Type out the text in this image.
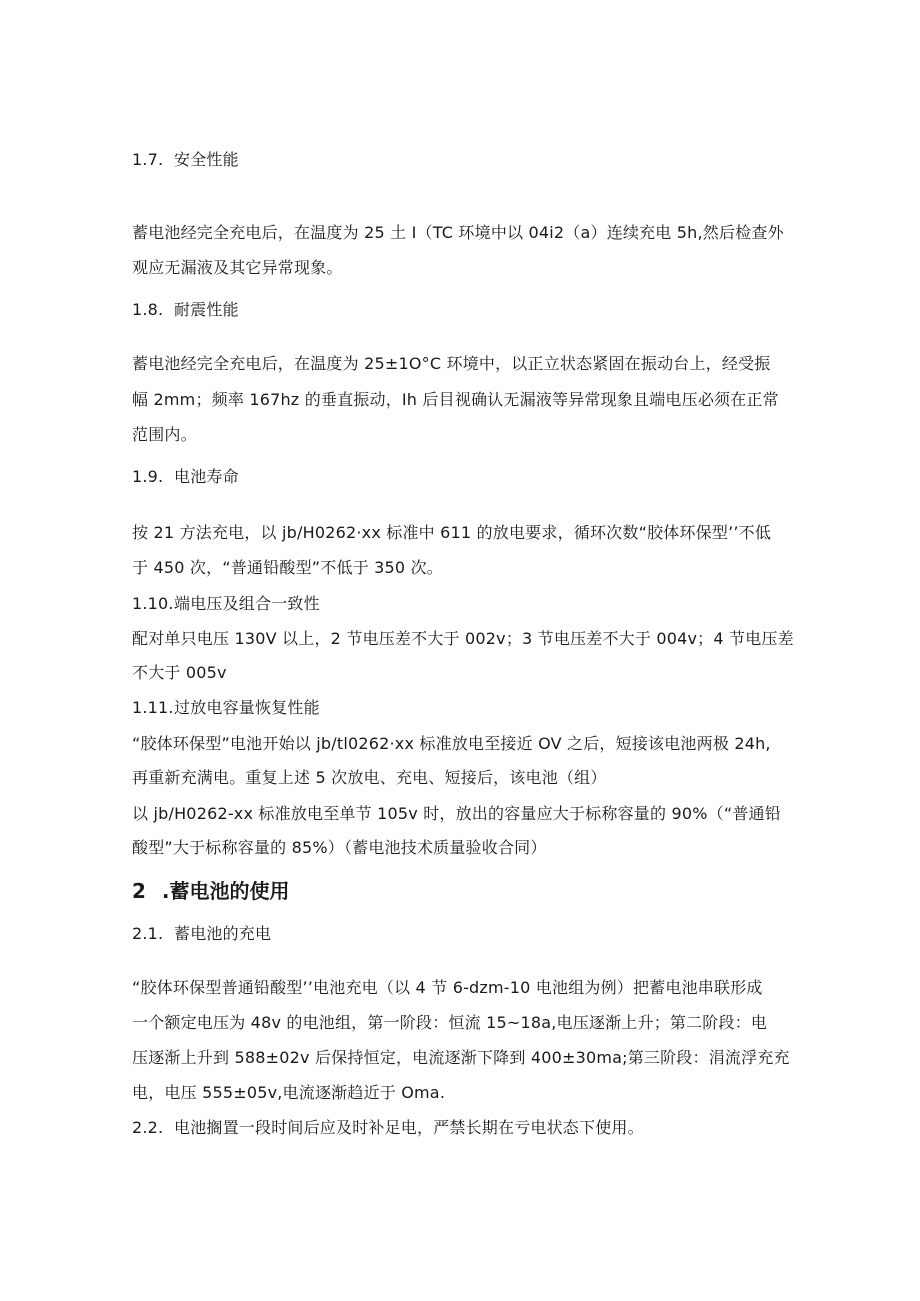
1.7. 安全性能
蓄电池经完全充电后，在温度为 25 土 I（TC 环境中以 04i2（a）连续充电 5h,然后检查外
观应无漏液及其它异常现象。
1.8. 耐震性能
蓄电池经完全充电后，在温度为 25±1O°C 环境中，以正立状态紧固在振动台上，经受振
幅 2mm；频率 167hz 的垂直振动，Ih 后目视确认无漏液等异常现象且端电压必须在正常
范围内。
1.9. 电池寿命
按 21 方法充电，以 jb∕H0262·xx 标准中 611 的放电要求，循环次数“胶体环保型’’不低
于 450 次，“普通铅酸型”不低于 350 次。
1.10.端电压及组合一致性
配对单只电压 130V 以上，2 节电压差不大于 002v；3 节电压差不大于 004v；4 节电压差
不大于 005v
1.11.过放电容量恢复性能
“胶体环保型”电池开始以 jb∕tl0262·xx 标准放电至接近 OV 之后，短接该电池两极 24h,
再重新充满电。重复上述 5 次放电、充电、短接后，该电池（组）
以 jb∕H0262-xx 标准放电至单节 105v 时，放出的容量应大于标称容量的 90%（“普通铅
酸型”大于标称容量的 85%）（蓄电池技术质量验收合同）
2 .蓄电池的使用
2.1. 蓄电池的充电
“胶体环保型普通铅酸型’’电池充电（以 4 节 6-dzm-10 电池组为例）把蓄电池串联形成
一个额定电压为 48v 的电池组，第一阶段：恒流 15~18a,电压逐渐上升；第二阶段：电
压逐渐上升到 588±02v 后保持恒定，电流逐渐下降到 400±30ma;第三阶段：涓流浮充充
电，电压 555±05v,电流逐渐趋近于 Oma.
2.2. 电池搁置一段时间后应及时补足电，严禁长期在亏电状态下使用。
